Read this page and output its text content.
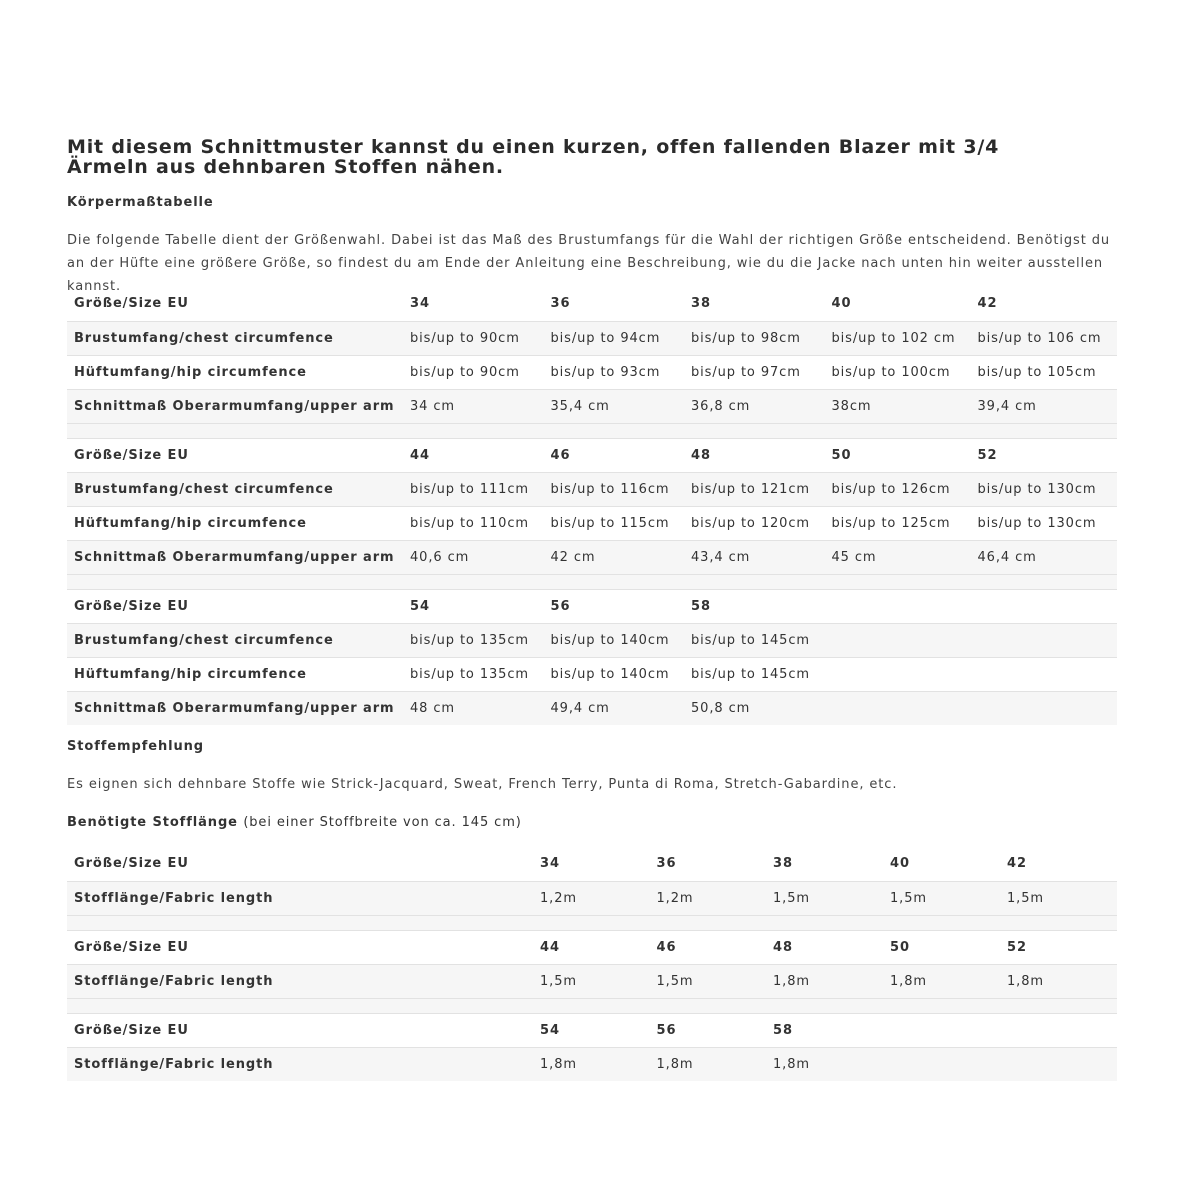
Mit diesem Schnittmuster kannst du einen kurzen, offen fallenden Blazer mit 3/4 Ärmeln aus dehnbaren Stoffen nähen.
Körpermaßtabelle
Die folgende Tabelle dient der Größenwahl. Dabei ist das Maß des Brustumfangs für die Wahl der richtigen Größe entscheidend. Benötigst du an der Hüfte eine größere Größe, so findest du am Ende der Anleitung eine Beschreibung, wie du die Jacke nach unten hin weiter ausstellen kannst.
Größe/Size EU	34	36	38	40	42
Brustumfang/chest circumfence	bis/up to 90cm	bis/up to 94cm	bis/up to 98cm	bis/up to 102 cm	bis/up to 106 cm
Hüftumfang/hip circumfence	bis/up to 90cm	bis/up to 93cm	bis/up to 97cm	bis/up to 100cm	bis/up to 105cm
Schnittmaß Oberarmumfang/upper arm	34 cm	35,4 cm	36,8 cm	38cm	39,4 cm

Größe/Size EU	44	46	48	50	52
Brustumfang/chest circumfence	bis/up to 111cm	bis/up to 116cm	bis/up to 121cm	bis/up to 126cm	bis/up to 130cm
Hüftumfang/hip circumfence	bis/up to 110cm	bis/up to 115cm	bis/up to 120cm	bis/up to 125cm	bis/up to 130cm
Schnittmaß Oberarmumfang/upper arm	40,6 cm	42 cm	43,4 cm	45 cm	46,4 cm

Größe/Size EU	54	56	58		
Brustumfang/chest circumfence	bis/up to 135cm	bis/up to 140cm	bis/up to 145cm		
Hüftumfang/hip circumfence	bis/up to 135cm	bis/up to 140cm	bis/up to 145cm		
Schnittmaß Oberarmumfang/upper arm	48 cm	49,4 cm	50,8 cm		
Stoffempfehlung
Es eignen sich dehnbare Stoffe wie Strick-Jacquard, Sweat, French Terry, Punta di Roma, Stretch-Gabardine, etc.
Benötigte Stofflänge (bei einer Stoffbreite von ca. 145 cm)
Größe/Size EU	34	36	38	40	42
Stofflänge/Fabric length	1,2m	1,2m	1,5m	1,5m	1,5m

Größe/Size EU	44	46	48	50	52
Stofflänge/Fabric length	1,5m	1,5m	1,8m	1,8m	1,8m

Größe/Size EU	54	56	58		
Stofflänge/Fabric length	1,8m	1,8m	1,8m		
